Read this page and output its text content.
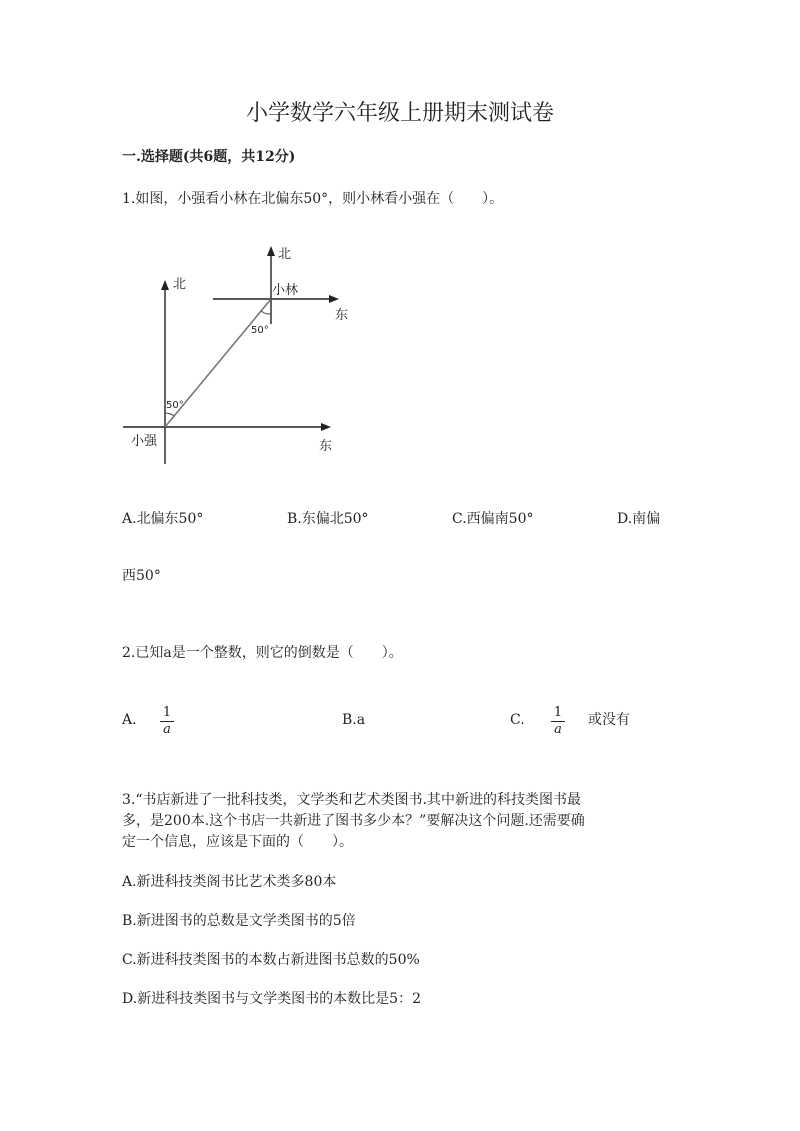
小学数学六年级上册期末测试卷
一.选择题(共6题，共12分)
1.如图，小强看小林在北偏东50°，则小林看小强在（　　）。
北
北
小林
东
50°
50°
小强	东
A.北偏东50°	B.东偏北50°	C.西偏南50°	D.南偏
西50°
2.已知a是一个整数，则它的倒数是（　　）。
A. 1
a
B.a	C. 1
a
或没有
3.“书店新进了一批科技类，文学类和艺术类图书.其中新进的科技类图书最
多，是200本.这个书店一共新进了图书多少本？”要解决这个问题.还需要确
定一个信息，应该是下面的（　　）。
A.新进科技类阁书比艺术类多80本
B.新进图书的总数是文学类图书的5倍
C.新进科技类图书的本数占新进图书总数的50%
D.新进科技类图书与文学类图书的本数比是5：2
